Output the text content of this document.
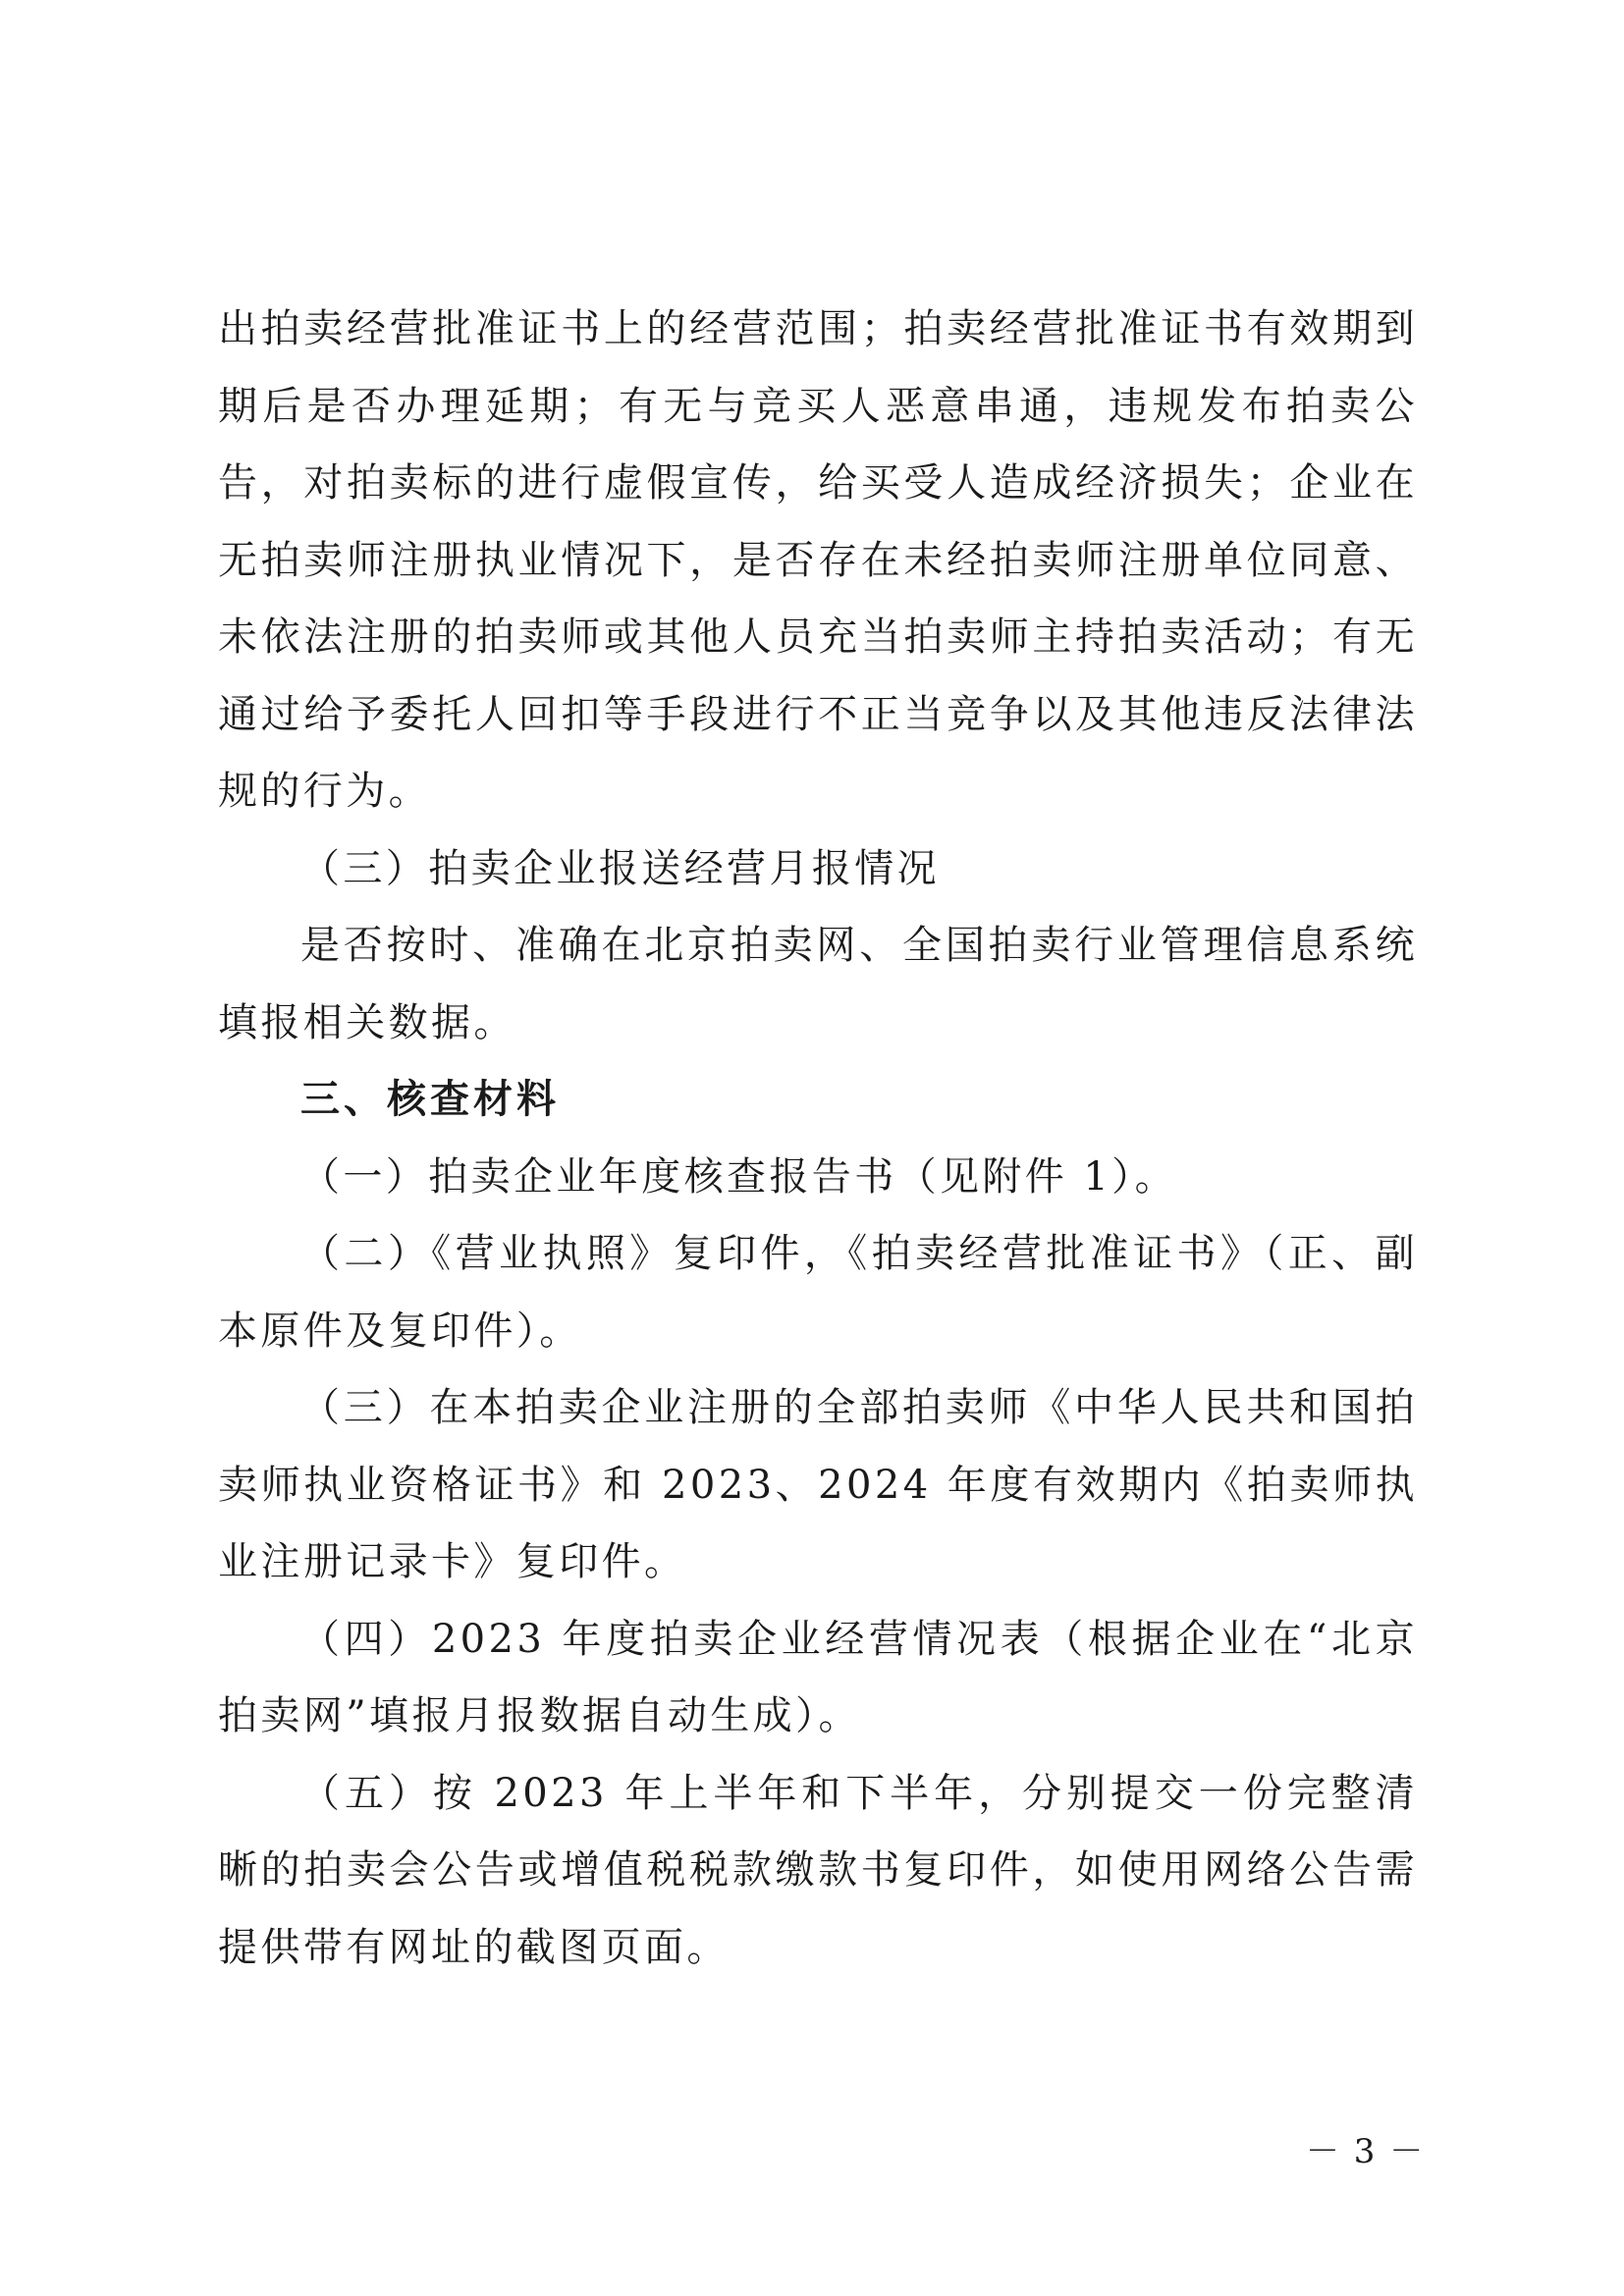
出拍卖经营批准证书上的经营范围；拍卖经营批准证书有效期到期后是否办理延期；有无与竞买人恶意串通，违规发布拍卖公告，对拍卖标的进行虚假宣传，给买受人造成经济损失；企业在无拍卖师注册执业情况下，是否存在未经拍卖师注册单位同意、未依法注册的拍卖师或其他人员充当拍卖师主持拍卖活动；有无通过给予委托人回扣等手段进行不正当竞争以及其他违反法律法规的行为。

（三）拍卖企业报送经营月报情况

是否按时、准确在北京拍卖网、全国拍卖行业管理信息系统填报相关数据。

三、核查材料

（一）拍卖企业年度核查报告书（见附件 1）。

（二）《营业执照》复印件，《拍卖经营批准证书》（正、副本原件及复印件）。

（三）在本拍卖企业注册的全部拍卖师《中华人民共和国拍卖师执业资格证书》和 2023、2024 年度有效期内《拍卖师执业注册记录卡》复印件。

（四）2023 年度拍卖企业经营情况表（根据企业在“北京拍卖网”填报月报数据自动生成）。

（五）按 2023 年上半年和下半年，分别提交一份完整清晰的拍卖会公告或增值税税款缴款书复印件，如使用网络公告需提供带有网址的截图页面。

－ 3 －
